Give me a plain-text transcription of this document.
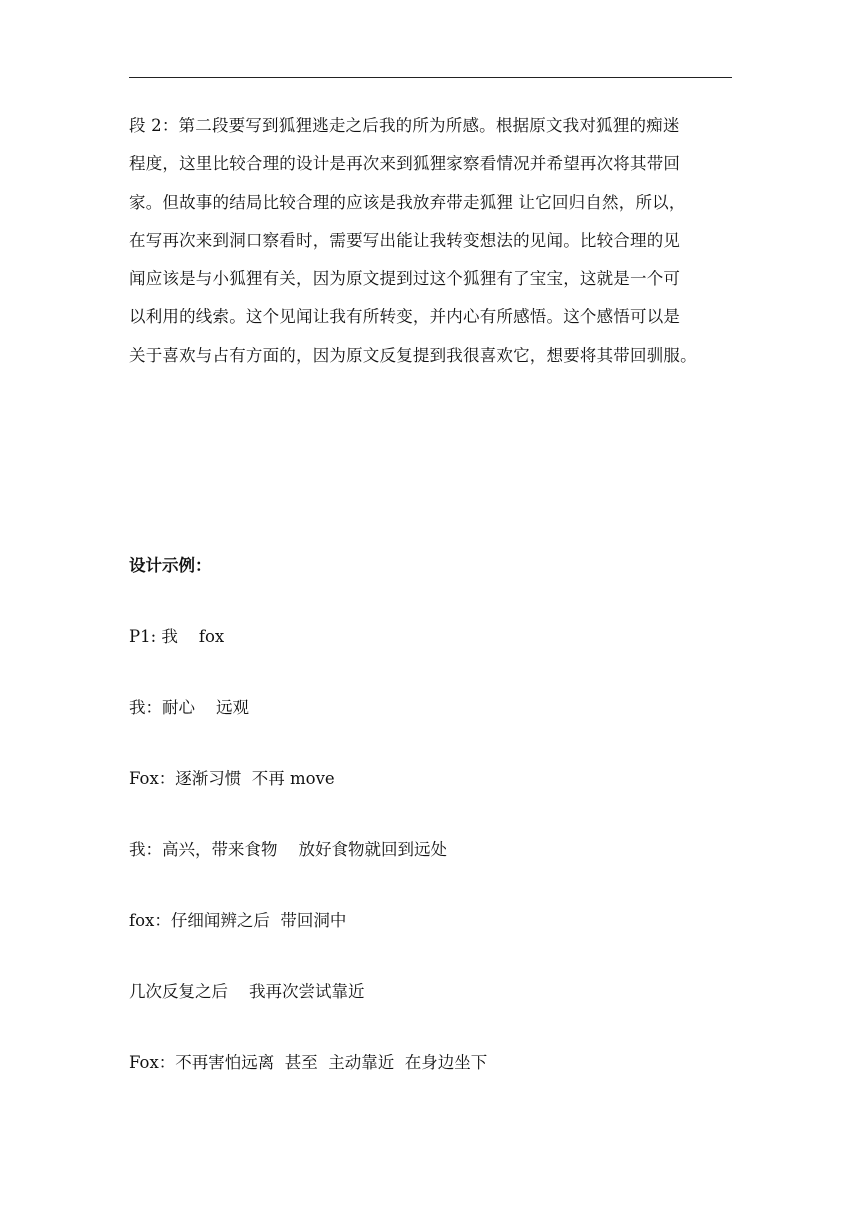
段 2：第二段要写到狐狸逃走之后我的所为所感。根据原文我对狐狸的痴迷
程度，这里比较合理的设计是再次来到狐狸家察看情况并希望再次将其带回
家。但故事的结局比较合理的应该是我放弃带走狐狸 让它回归自然，所以，
在写再次来到洞口察看时，需要写出能让我转变想法的见闻。比较合理的见
闻应该是与小狐狸有关，因为原文提到过这个狐狸有了宝宝，这就是一个可
以利用的线索。这个见闻让我有所转变，并内心有所感悟。这个感悟可以是
关于喜欢与占有方面的，因为原文反复提到我很喜欢它，想要将其带回驯服。
设计示例：
P1: 我    fox
我：耐心    远观
Fox：逐渐习惯  不再 move
我：高兴，带来食物    放好食物就回到远处
fox：仔细闻辨之后  带回洞中
几次反复之后    我再次尝试靠近
Fox：不再害怕远离  甚至  主动靠近  在身边坐下
